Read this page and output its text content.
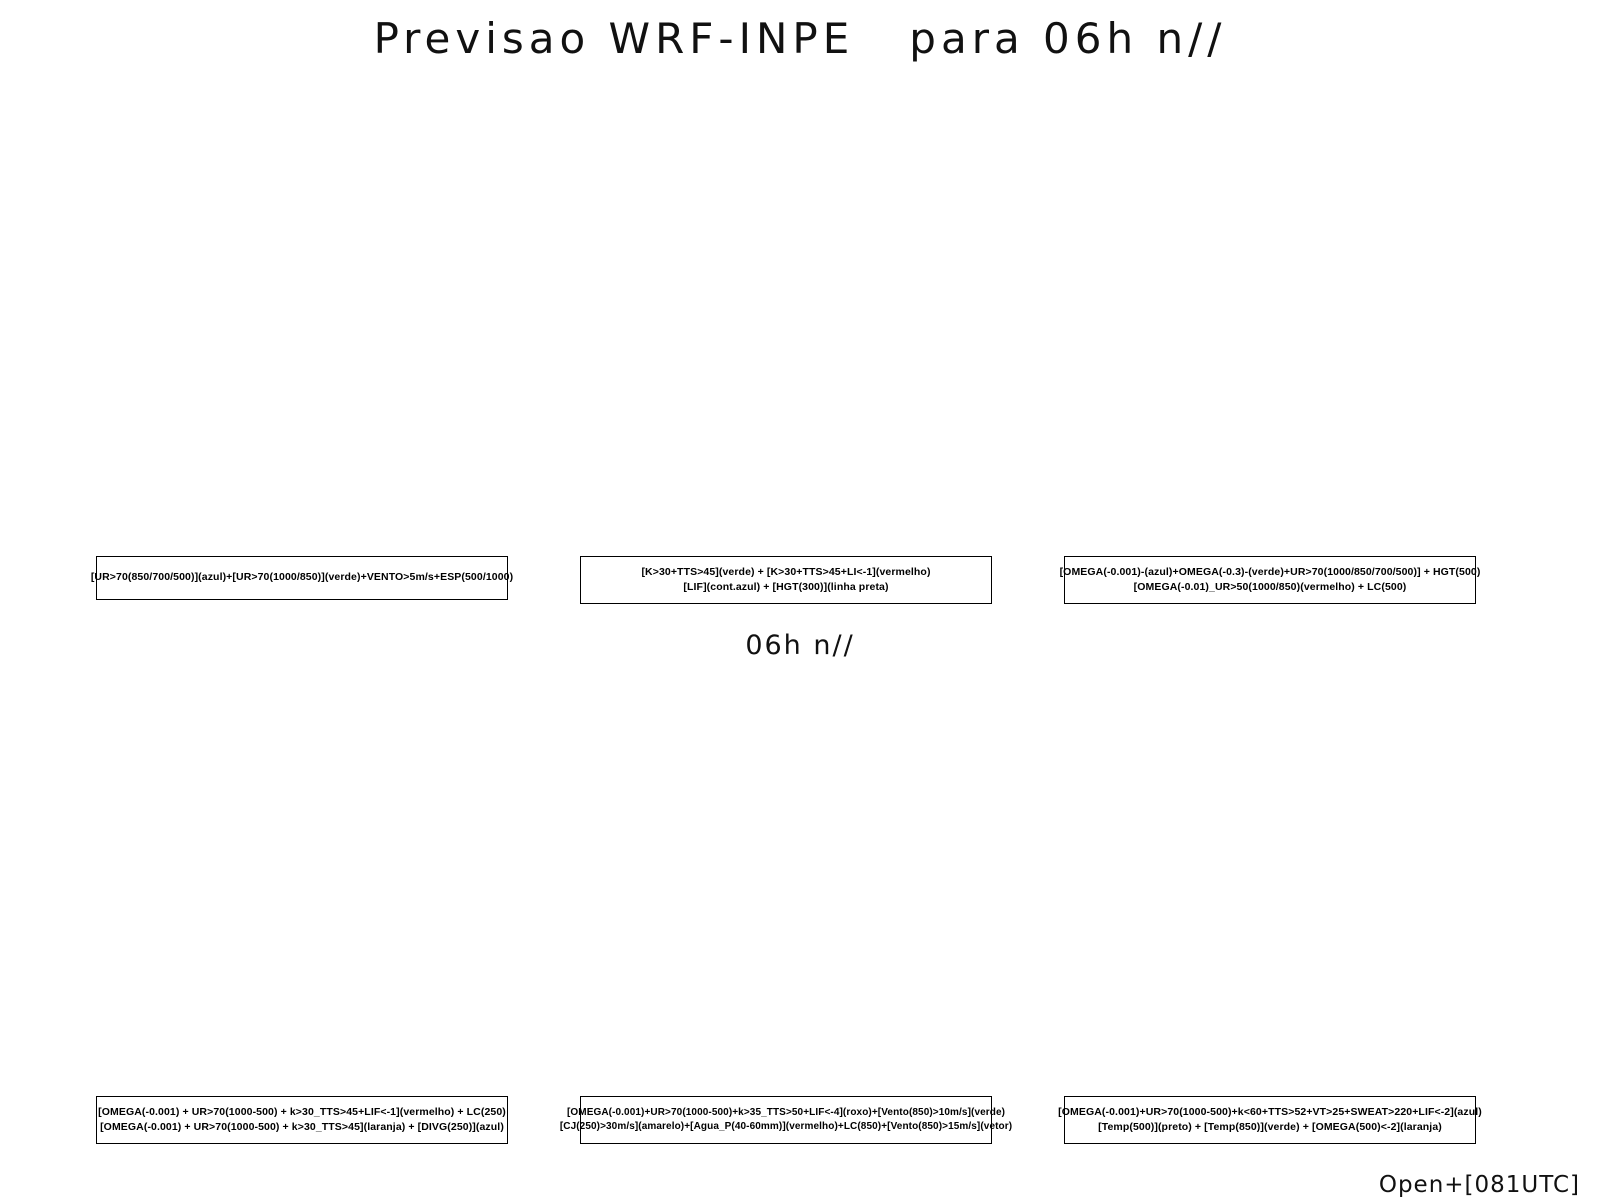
Previsao WRF-INPE   para 06h n//
[UR>70(850/700/500)](azul)+[UR>70(1000/850)](verde)+VENTO>5m/s+ESP(500/1000)	[K>30+TTS>45](verde) + [K>30+TTS>45+LI<-1](vermelho)
[LIF](cont.azul) + [HGT(300)](linha preta)
[OMEGA(-0.001)-(azul)+OMEGA(-0.3)-(verde)+UR>70(1000/850/700/500)] + HGT(500)
[OMEGA(-0.01)_UR>50(1000/850)(vermelho) + LC(500)
06h n//
[OMEGA(-0.001) + UR>70(1000-500) + k>30_TTS>45+LIF<-1](vermelho) + LC(250)
[OMEGA(-0.001) + UR>70(1000-500) + k>30_TTS>45](laranja) + [DIVG(250)](azul)
[OMEGA(-0.001)+UR>70(1000-500)+k>35_TTS>50+LIF<-4](roxo)+[Vento(850)>10m/s](verde)
[CJ(250)>30m/s](amarelo)+[Agua_P(40-60mm)](vermelho)+LC(850)+[Vento(850)>15m/s](vetor)
[OMEGA(-0.001)+UR>70(1000-500)+k<60+TTS>52+VT>25+SWEAT>220+LIF<-2](azul)
[Temp(500)](preto) + [Temp(850)](verde) + [OMEGA(500)<-2](laranja)
Open+[081UTC]
